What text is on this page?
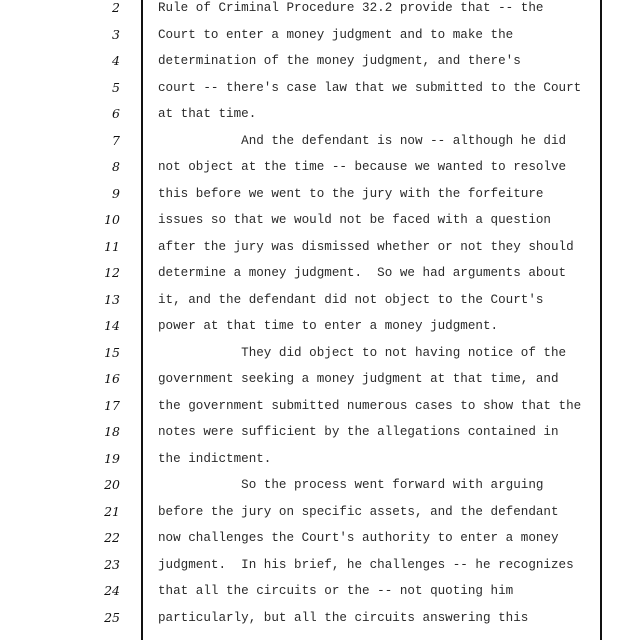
2	Rule of Criminal Procedure 32.2 provide that -- the
3	Court to enter a money judgment and to make the
4	determination of the money judgment, and there's
5	court -- there's case law that we submitted to the Court
6	at that time.
7	And the defendant is now -- although he did
8	not object at the time -- because we wanted to resolve
9	this before we went to the jury with the forfeiture
10	issues so that we would not be faced with a question
11	after the jury was dismissed whether or not they should
12	determine a money judgment.  So we had arguments about
13	it, and the defendant did not object to the Court's
14	power at that time to enter a money judgment.
15	They did object to not having notice of the
16	government seeking a money judgment at that time, and
17	the government submitted numerous cases to show that the
18	notes were sufficient by the allegations contained in
19	the indictment.
20	So the process went forward with arguing
21	before the jury on specific assets, and the defendant
22	now challenges the Court's authority to enter a money
23	judgment.  In his brief, he challenges -- he recognizes
24	that all the circuits or the -- not quoting him
25	particularly, but all the circuits answering this
